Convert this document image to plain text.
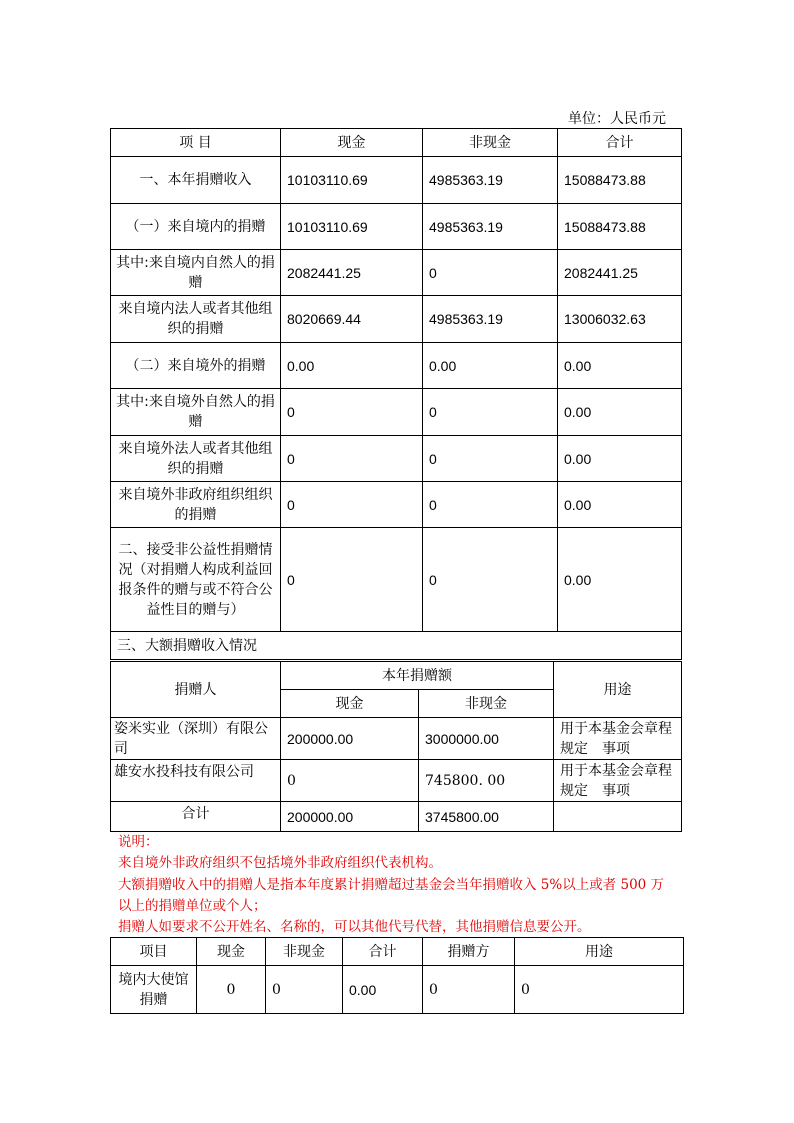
单位：人民币元
项 目	现金	非现金	合计
一、本年捐赠收入	10103110.69	4985363.19	15088473.88
（一）来自境内的捐赠	10103110.69	4985363.19	15088473.88
其中:来自境内自然人的捐赠	2082441.25	0	2082441.25
来自境内法人或者其他组织的捐赠	8020669.44	4985363.19	13006032.63
（二）来自境外的捐赠	0.00	0.00	0.00
其中:来自境外自然人的捐赠	0	0	0.00
来自境外法人或者其他组织的捐赠	0	0	0.00
来自境外非政府组织组织的捐赠	0	0	0.00
二、接受非公益性捐赠情况（对捐赠人构成利益回报条件的赠与或不符合公益性目的赠与）	0	0	0.00
三、大额捐赠收入情况			
捐赠人	本年捐赠额		用途
	现金	非现金	
姿米实业（深圳）有限公司	200000.00	3000000.00	用于本基金会章程规定　事项
雄安水投科技有限公司	0	745800. 00	用于本基金会章程规定　事项
合计	200000.00	3745800.00	
说明：
来自境外非政府组织不包括境外非政府组织代表机构。
大额捐赠收入中的捐赠人是指本年度累计捐赠超过基金会当年捐赠收入 5%以上或者 500 万
以上的捐赠单位或个人；
捐赠人如要求不公开姓名、名称的，可以其他代号代替，其他捐赠信息要公开。
项目	现金	非现金	合计	捐赠方	用途
境内大使馆捐赠	0	0	0.00	0	0
